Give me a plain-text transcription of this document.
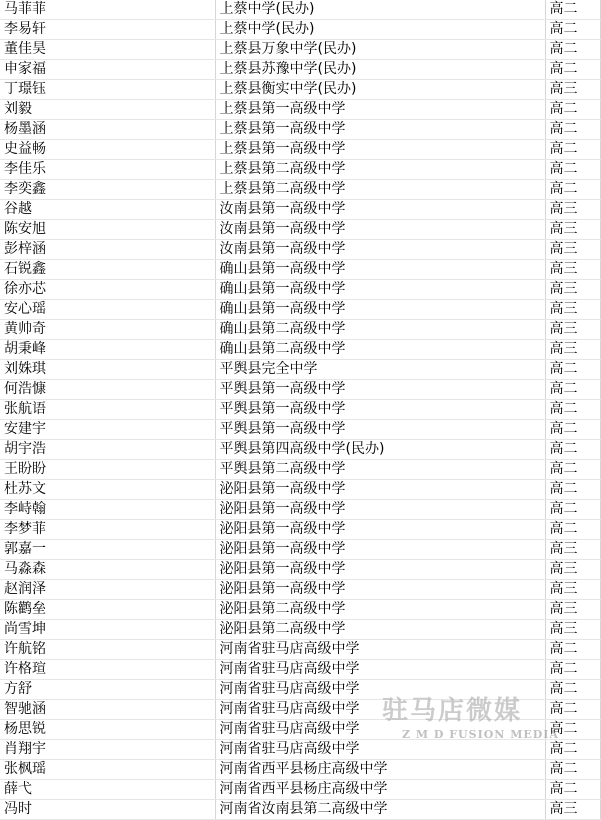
马菲菲	上蔡中学(民办)	高二
李易轩	上蔡中学(民办)	高二
董佳昊	上蔡县万象中学(民办)	高二
申家福	上蔡县苏豫中学(民办)	高二
丁璟钰	上蔡县衡实中学(民办)	高三
刘毅	上蔡县第一高级中学	高二
杨墨涵	上蔡县第一高级中学	高二
史益畅	上蔡县第一高级中学	高二
李佳乐	上蔡县第二高级中学	高二
李奕鑫	上蔡县第二高级中学	高二
谷越	汝南县第一高级中学	高三
陈安旭	汝南县第一高级中学	高三
彭梓涵	汝南县第一高级中学	高三
石锐鑫	确山县第一高级中学	高三
徐亦芯	确山县第一高级中学	高三
安心瑶	确山县第一高级中学	高三
黄帅奇	确山县第二高级中学	高三
胡秉峰	确山县第二高级中学	高三
刘姝琪	平舆县完全中学	高二
何浩慷	平舆县第一高级中学	高二
张航语	平舆县第一高级中学	高二
安建宇	平舆县第一高级中学	高二
胡宇浩	平舆县第四高级中学(民办)	高二
王盼盼	平舆县第二高级中学	高二
杜苏文	泌阳县第一高级中学	高二
李峙翰	泌阳县第一高级中学	高二
李梦菲	泌阳县第一高级中学	高二
郭嘉一	泌阳县第一高级中学	高三
马淼森	泌阳县第一高级中学	高三
赵润泽	泌阳县第一高级中学	高三
陈鹳垒	泌阳县第二高级中学	高三
尚雪坤	泌阳县第二高级中学	高三
许航铭	河南省驻马店高级中学	高二
许格瑄	河南省驻马店高级中学	高二
方舒	河南省驻马店高级中学	高二
智驰涵	河南省驻马店高级中学	高二
杨思锐	河南省驻马店高级中学	高二
肖翔宇	河南省驻马店高级中学	高二
张枫瑶	河南省西平县杨庄高级中学	高二
薛弋	河南省西平县杨庄高级中学	高二
冯时	河南省汝南县第二高级中学	高三
驻马店微媒
Z M D FUSION MEDIA
